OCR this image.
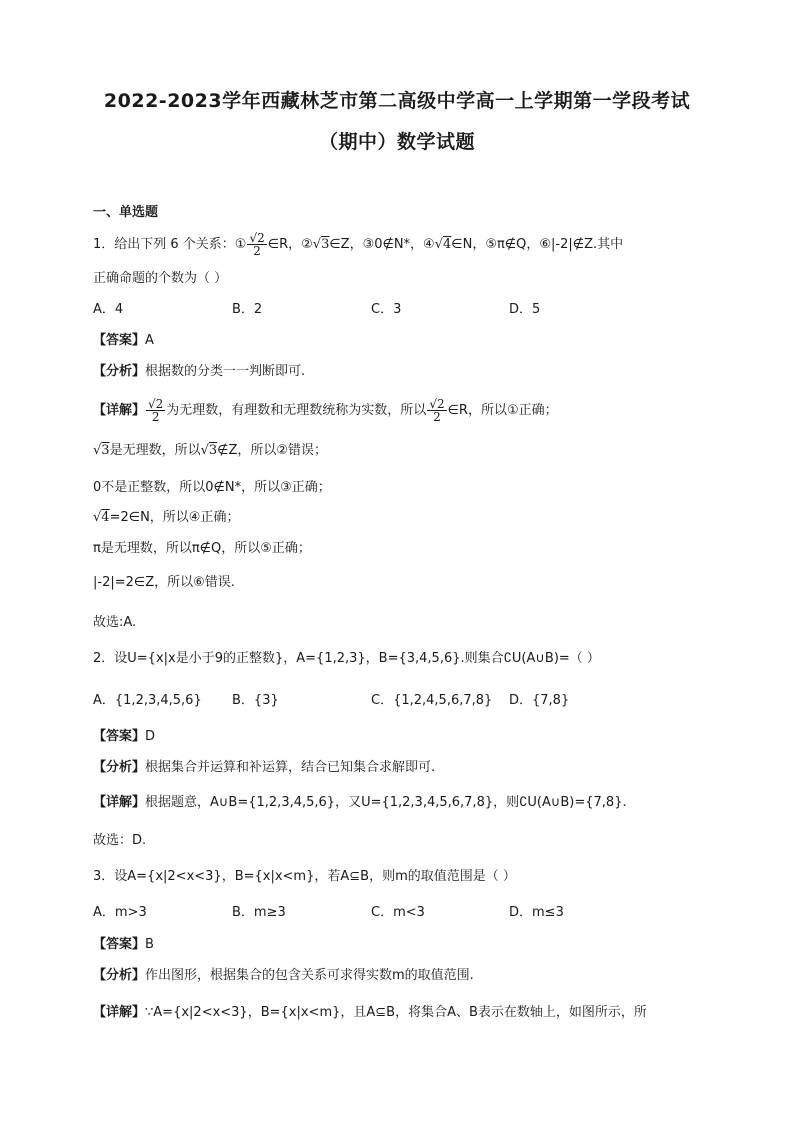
2022-2023学年西藏林芝市第二高级中学高一上学期第一学段考试
（期中）数学试题
一、单选题
1．给出下列 6 个关系：① $\frac{√2}{2}$ ∈R，②√3∈Z，③0∉N*，④√4∈N，⑤π∉Q，⑥|-2|∉Z.其中
正确命题的个数为（ ）
A．4	B．2	C．3	D．5
【答案】A
【分析】根据数的分类一一判断即可.
【详解】 $\frac{√2}{2}$ 为无理数，有理数和无理数统称为实数，所以 $\frac{√2}{2}$ ∈R，所以①正确；
√3是无理数，所以√3∉Z，所以②错误；
0不是正整数，所以0∉N*，所以③正确；
√4=2∈N，所以④正确；
π是无理数，所以π∉Q，所以⑤正确；
|-2|=2∈Z，所以⑥错误.
故选:A.
2．设U={x|x是小于9的正整数}，A={1,2,3}，B={3,4,5,6}.则集合∁U(A∪B)=（ ）
A．{1,2,3,4,5,6} B．{3}	C．{1,2,4,5,6,7,8} D．{7,8}
【答案】D
【分析】根据集合并运算和补运算，结合已知集合求解即可.
【详解】根据题意，A∪B={1,2,3,4,5,6}，又U={1,2,3,4,5,6,7,8}，则∁U(A∪B)={7,8}.
故选：D.
3．设A={x|2<x<3}，B={x|x<m}，若A⊆B，则m的取值范围是（ ）
A．m>3	B．m≥3	C．m<3	D．m≤3
【答案】B
【分析】作出图形，根据集合的包含关系可求得实数m的取值范围.
【详解】∵A={x|2<x<3}，B={x|x<m}，且A⊆B，将集合A、B表示在数轴上，如图所示，所
